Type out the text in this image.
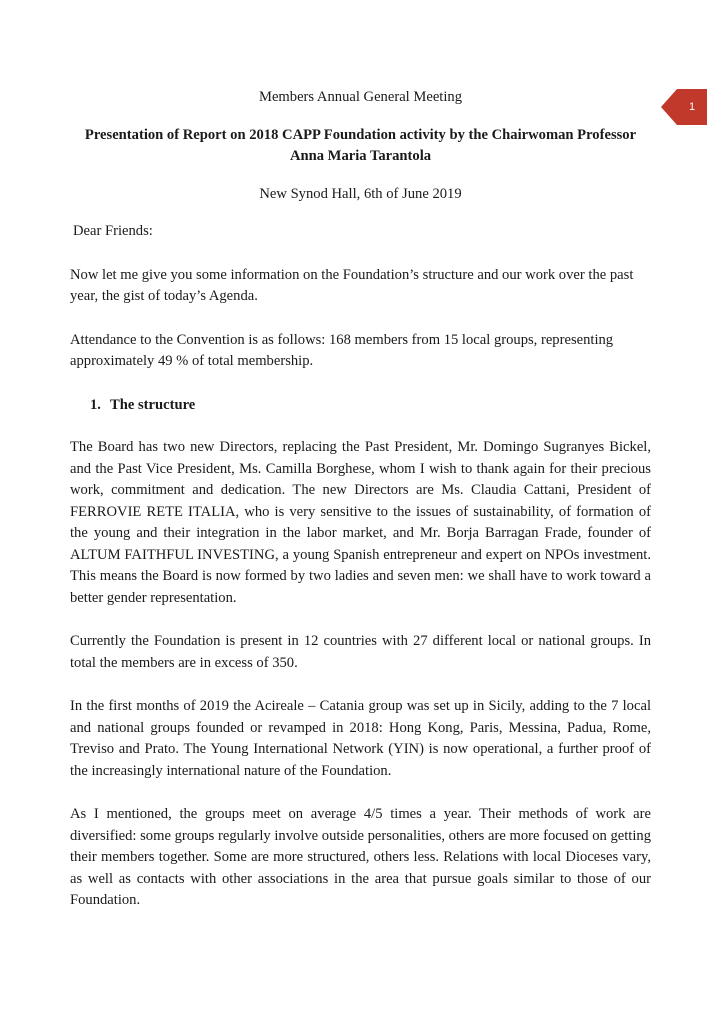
1

Members Annual General Meeting

Presentation of Report on 2018 CAPP Foundation activity by the Chairwoman Professor Anna Maria Tarantola

New Synod Hall, 6th of June 2019

Dear Friends:

Now let me give you some information on the Foundation’s structure and our work over the past year, the gist of today’s Agenda.

Attendance to the Convention is as follows: 168 members from 15 local groups, representing approximately 49 % of total membership.

1. The structure

The Board has two new Directors, replacing the Past President, Mr. Domingo Sugranyes Bickel, and the Past Vice President, Ms. Camilla Borghese, whom I wish to thank again for their precious work, commitment and dedication. The new Directors are Ms. Claudia Cattani, President of FERROVIE RETE ITALIA, who is very sensitive to the issues of sustainability, of formation of the young and their integration in the labor market, and Mr. Borja Barragan Frade, founder of ALTUM FAITHFUL INVESTING, a young Spanish entrepreneur and expert on NPOs investment. This means the Board is now formed by two ladies and seven men: we shall have to work toward a better gender representation.

Currently the Foundation is present in 12 countries with 27 different local or national groups. In total the members are in excess of 350.

In the first months of 2019 the Acireale – Catania group was set up in Sicily, adding to the 7 local and national groups founded or revamped in 2018: Hong Kong, Paris, Messina, Padua, Rome, Treviso and Prato. The Young International Network (YIN) is now operational, a further proof of the increasingly international nature of the Foundation.

As I mentioned, the groups meet on average 4/5 times a year. Their methods of work are diversified: some groups regularly involve outside personalities, others are more focused on getting their members together. Some are more structured, others less. Relations with local Dioceses vary, as well as contacts with other associations in the area that pursue goals similar to those of our Foundation.
